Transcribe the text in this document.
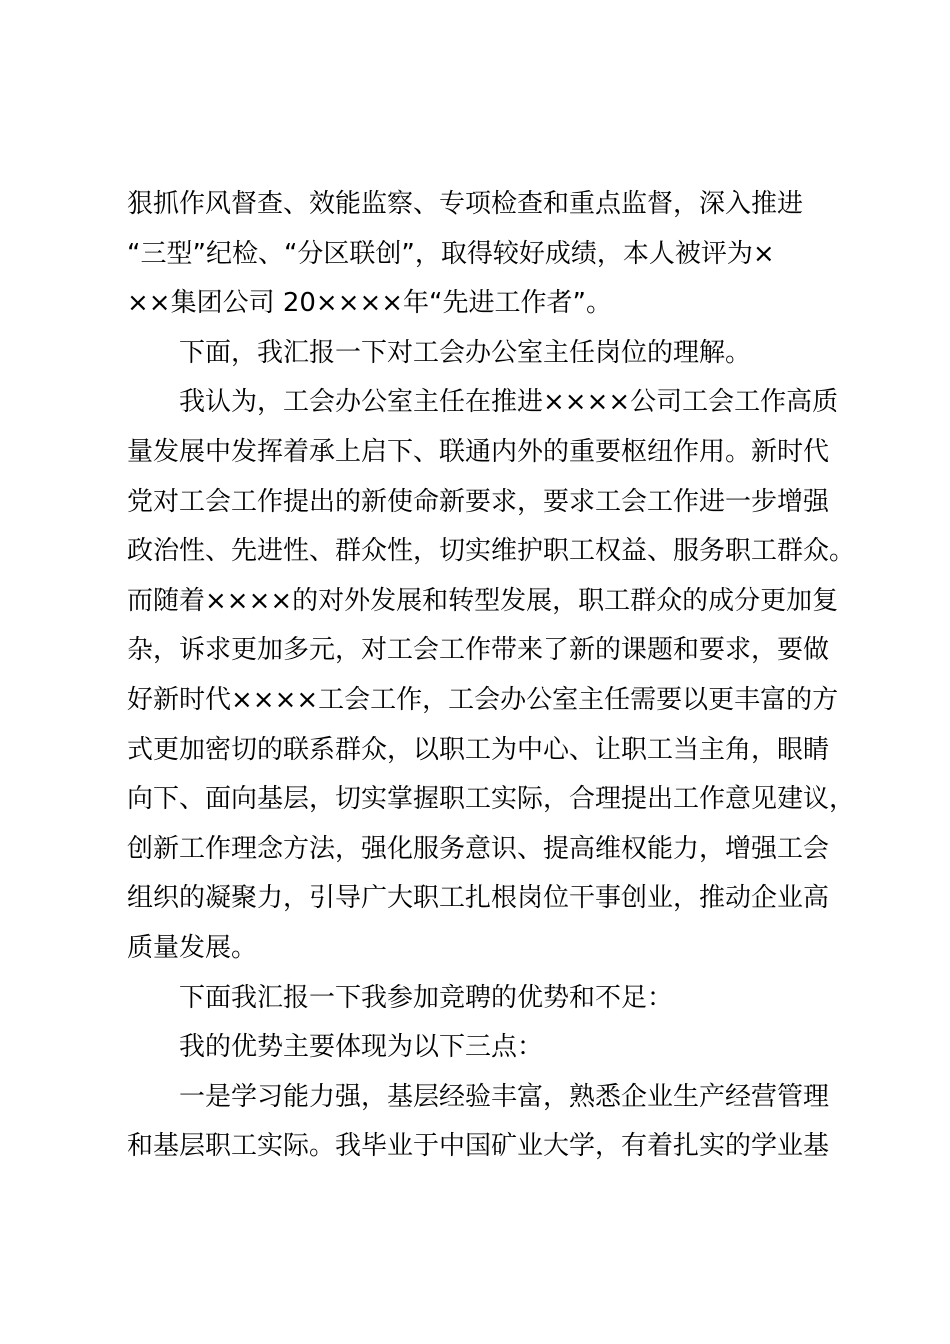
狠抓作风督查、效能监察、专项检查和重点监督，深入推进
“三型”纪检、“分区联创”，取得较好成绩，本人被评为×
××集团公司 20××××年“先进工作者”。
　　下面，我汇报一下对工会办公室主任岗位的理解。
　　我认为，工会办公室主任在推进××××公司工会工作高质
量发展中发挥着承上启下、联通内外的重要枢纽作用。新时代
党对工会工作提出的新使命新要求，要求工会工作进一步增强
政治性、先进性、群众性，切实维护职工权益、服务职工群众。
而随着××××的对外发展和转型发展，职工群众的成分更加复
杂，诉求更加多元，对工会工作带来了新的课题和要求，要做
好新时代××××工会工作，工会办公室主任需要以更丰富的方
式更加密切的联系群众，以职工为中心、让职工当主角，眼睛
向下、面向基层，切实掌握职工实际，合理提出工作意见建议，
创新工作理念方法，强化服务意识、提高维权能力，增强工会
组织的凝聚力，引导广大职工扎根岗位干事创业，推动企业高
质量发展。
　　下面我汇报一下我参加竞聘的优势和不足：
　　我的优势主要体现为以下三点：
　　一是学习能力强，基层经验丰富，熟悉企业生产经营管理
和基层职工实际。我毕业于中国矿业大学，有着扎实的学业基
